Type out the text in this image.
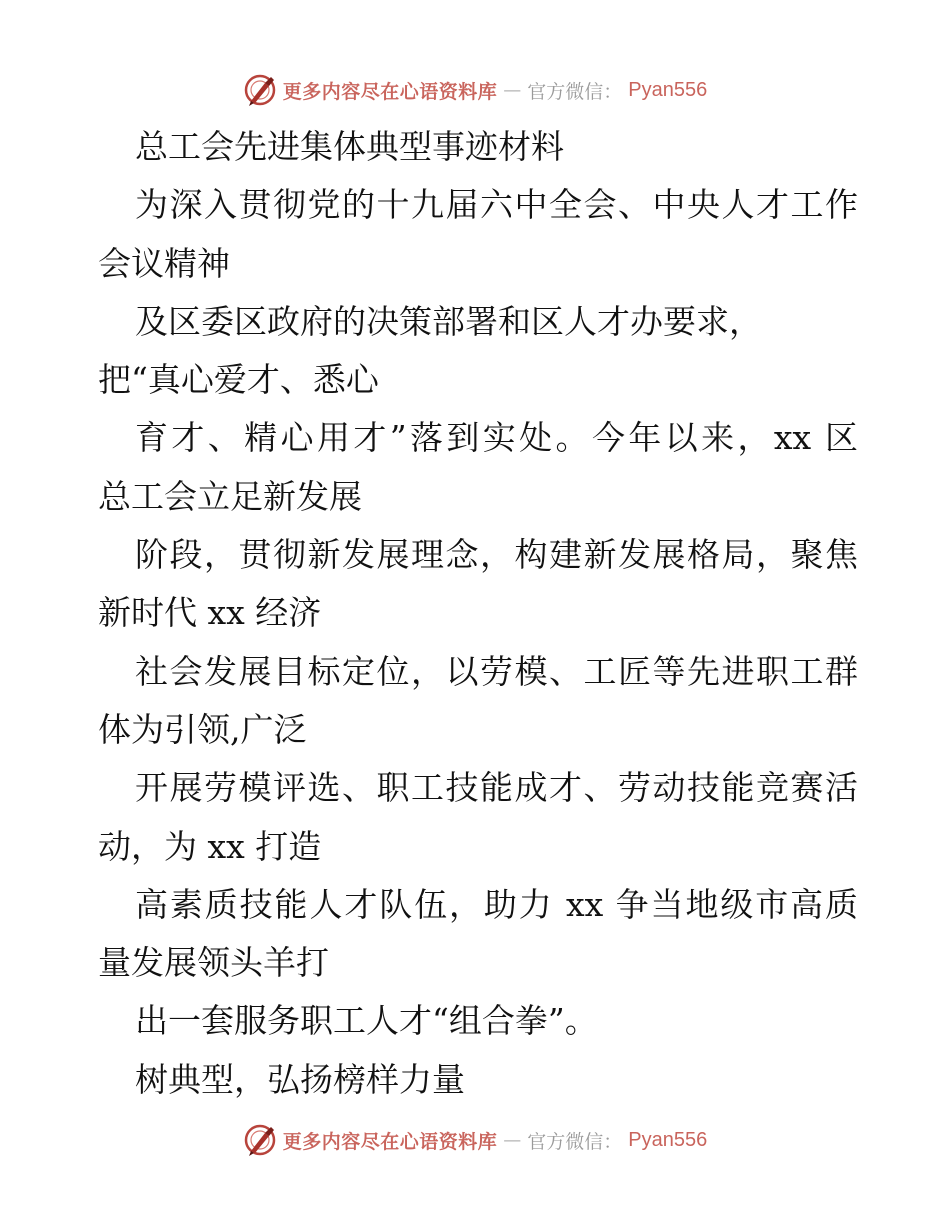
更多内容尽在心语资料库 — 官方微信： Pyan556
总工会先进集体典型事迹材料
为深入贯彻党的十九届六中全会、中央人才工作
会议精神
及区委区政府的决策部署和区人才办要求，
把“真心爱才、悉心
育才、精心用才”落到实处。今年以来，xx 区
总工会立足新发展
阶段，贯彻新发展理念，构建新发展格局，聚焦
新时代 xx 经济
社会发展目标定位，以劳模、工匠等先进职工群
体为引领,广泛
开展劳模评选、职工技能成才、劳动技能竞赛活
动，为 xx 打造
高素质技能人才队伍，助力 xx 争当地级市高质
量发展领头羊打
出一套服务职工人才“组合拳”。
树典型，弘扬榜样力量
更多内容尽在心语资料库 — 官方微信： Pyan556
